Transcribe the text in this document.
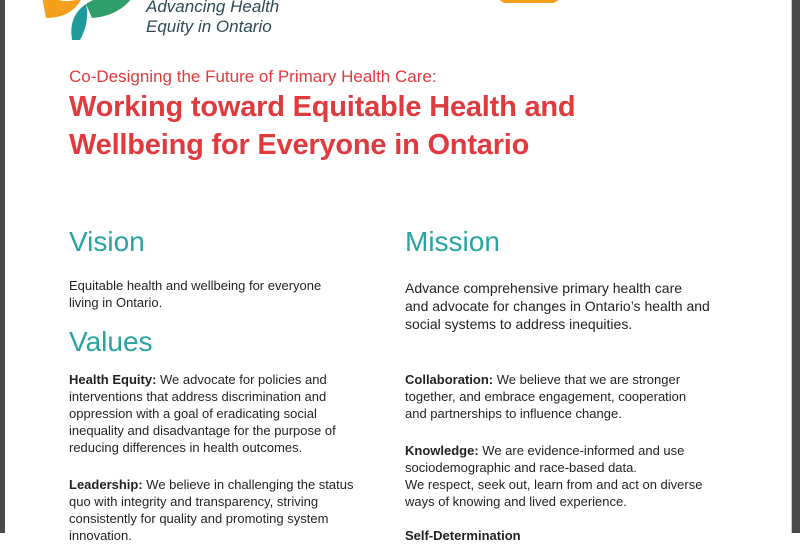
Advancing Health
Equity in Ontario
Co-Designing the Future of Primary Health Care:
Working toward Equitable Health and
Wellbeing for Everyone in Ontario
Vision
Equitable health and wellbeing for everyone
living in Ontario.
Mission
Advance comprehensive primary health care
and advocate for changes in Ontario’s health and
social systems to address inequities.
Values
Health Equity: We advocate for policies and
interventions that address discrimination and
oppression with a goal of eradicating social
inequality and disadvantage for the purpose of
reducing differences in health outcomes.
Leadership: We believe in challenging the status
quo with integrity and transparency, striving
consistently for quality and promoting system
innovation.
Collaboration: We believe that we are stronger
together, and embrace engagement, cooperation
and partnerships to influence change.
Knowledge: We are evidence-informed and use
sociodemographic and race-based data.
We respect, seek out, learn from and act on diverse
ways of knowing and lived experience.
Self-Determination
